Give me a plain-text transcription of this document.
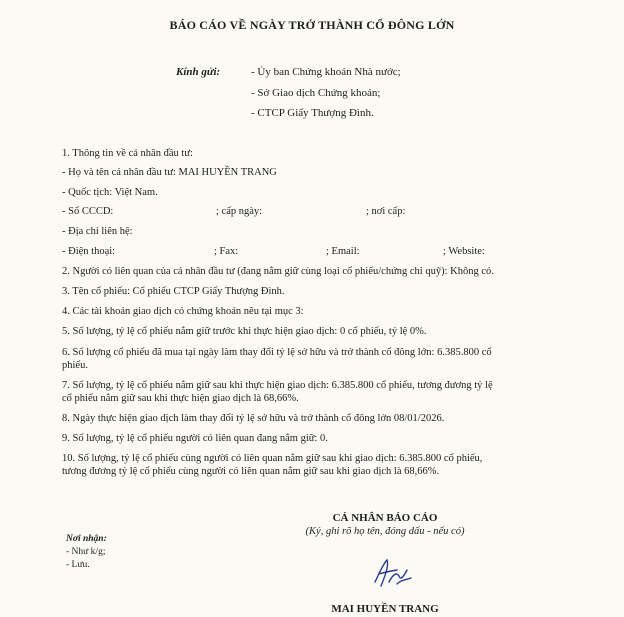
BÁO CÁO VỀ NGÀY TRỞ THÀNH CỔ ĐÔNG LỚN
Kính gửi:	- Ủy ban Chứng khoán Nhà nước;
- Sở Giao dịch Chứng khoán;
- CTCP Giấy Thượng Đình.
1. Thông tin về cá nhân đầu tư:
- Họ và tên cá nhân đầu tư: MAI HUYỀN TRANG
- Quốc tịch: Việt Nam.
- Số CCCD:	; cấp ngày:	; nơi cấp:
- Địa chỉ liên hệ:
- Điện thoại:	; Fax:	; Email:	; Website:
2. Người có liên quan của cá nhân đầu tư (đang nắm giữ cùng loại cổ phiếu/chứng chỉ quỹ): Không có.
3. Tên cổ phiếu: Cổ phiếu CTCP Giấy Thượng Đình.
4. Các tài khoản giao dịch có chứng khoán nêu tại mục 3:
5. Số lượng, tỷ lệ cổ phiếu nắm giữ trước khi thực hiện giao dịch: 0 cổ phiếu, tỷ lệ 0%.
6. Số lượng cổ phiếu đã mua tại ngày làm thay đổi tỷ lệ sở hữu và trở thành cổ đông lớn: 6.385.800 cổ
phiếu.
7. Số lượng, tỷ lệ cổ phiếu nắm giữ sau khi thực hiện giao dịch: 6.385.800 cổ phiếu, tương đương tỷ lệ
cổ phiếu nắm giữ sau khi thực hiện giao dịch là 68,66%.
8. Ngày thực hiện giao dịch làm thay đổi tỷ lệ sở hữu và trở thành cổ đông lớn 08/01/2026.
9. Số lượng, tỷ lệ cổ phiếu người có liên quan đang nắm giữ: 0.
10. Số lượng, tỷ lệ cổ phiếu cùng người có liên quan nắm giữ sau khi giao dịch: 6.385.800 cổ phiếu,
tương đương tỷ lệ cổ phiếu cùng người có liên quan nắm giữ sau khi giao dịch là 68,66%.
CÁ NHÂN BÁO CÁO
(Ký, ghi rõ họ tên, đóng dấu - nếu có)
MAI HUYỀN TRANG
Nơi nhận:
- Như k/g;
- Lưu.
